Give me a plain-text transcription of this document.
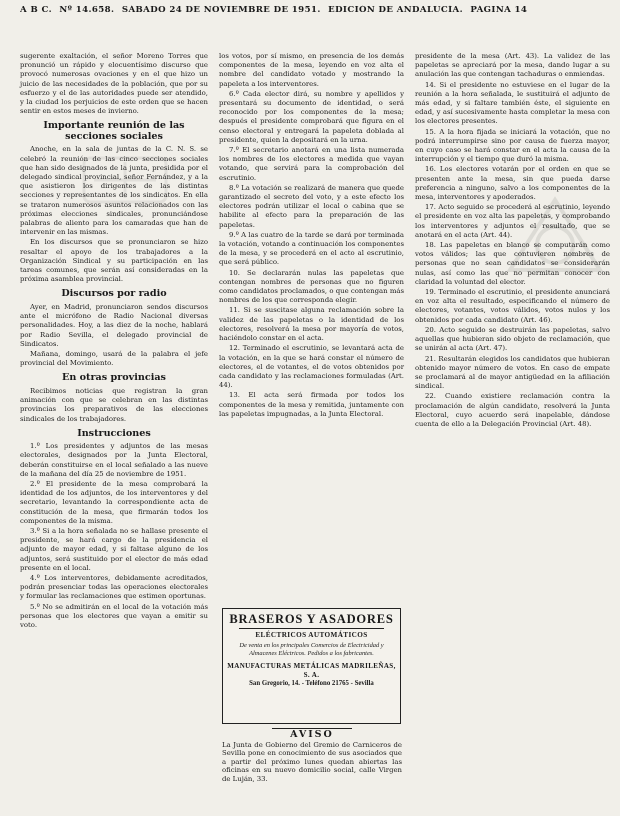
A B C. Nº 14.658. SÁBADO 24 DE NOVIEMBRE DE 1951. EDICIÓN DE ANDALUCÍA. PÁGINA 14

sugerente exaltación, el señor Moreno Torres que pronunció un rápido y elocuentísimo discurso que provocó numerosas ovaciones y en el que hizo un juicio de las necesidades de la población, que por su esfuerzo y el de las autoridades puede ser atendido, y la ciudad los perjuicios de este orden que se hacen sentir en estos meses de invierno.

Importante reunión de las secciones sociales

Anoche, en la sala de juntas de la C. N. S. se celebró la reunión de las cinco secciones sociales que han sido designados de la junta, presidida por el delegado sindical provincial, señor Fernández, y a la que asistieron los dirigentes de las distintas secciones y representantes de los sindicatos. En ella se trataron numerosos asuntos relacionados con las próximas elecciones sindicales, pronunciándose palabras de aliento para los camaradas que han de intervenir en las mismas.

En los discursos que se pronunciaron se hizo resaltar el apoyo de los trabajadores a la Organización Sindical y su participación en las tareas comunes, que serán así consideradas en la próxima asamblea provincial.

Discursos por radio

Ayer, en Madrid, pronunciaron sendos discursos ante el micrófono de Radio Nacional diversas personalidades. Hoy, a las diez de la noche, hablará por Radio Sevilla, el delegado provincial de Sindicatos.

Mañana, domingo, usará de la palabra el jefe provincial del Movimiento.

En otras provincias

Recibimos noticias que registran la gran animación con que se celebran en las distintas provincias los preparativos de las elecciones sindicales de los trabajadores.

Instrucciones

1.º Los presidentes y adjuntos de las mesas electorales, designados por la Junta Electoral, deberán constituirse en el local señalado a las nueve de la mañana del día 25 de noviembre de 1951.

2.º El presidente de la mesa comprobará la identidad de los adjuntos, de los interventores y del secretario, levantando la correspondiente acta de constitución de la mesa, que firmarán todos los componentes de la misma.

3.º Si a la hora señalada no se hallase presente el presidente, se hará cargo de la presidencia el adjunto de mayor edad, y si faltase alguno de los adjuntos, será sustituido por el elector de más edad presente en el local.

4.º Los interventores, debidamente acreditados, podrán presenciar todas las operaciones electorales y formular las reclamaciones que estimen oportunas.

5.º No se admitirán en el local de la votación más personas que los electores que vayan a emitir su voto.

los votos, por sí mismo, en presencia de los demás componentes de la mesa, leyendo en voz alta el nombre del candidato votado y mostrando la papeleta a los interventores.

6.º Cada elector dirá, su nombre y apellidos y presentará su documento de identidad, o será reconocido por los componentes de la mesa; después el presidente comprobará que figura en el censo electoral y entregará la papeleta doblada al presidente, quien la depositará en la urna.

7.º El secretario anotará en una lista numerada los nombres de los electores a medida que vayan votando, que servirá para la comprobación del escrutinio.

8.º La votación se realizará de manera que quede garantizado el secreto del voto, y a este efecto los electores podrán utilizar el local o cabina que se habilite al efecto para la preparación de las papeletas.

9.º A las cuatro de la tarde se dará por terminada la votación, votando a continuación los componentes de la mesa, y se procederá en el acto al escrutinio, que será público.

10. Se declararán nulas las papeletas que contengan nombres de personas que no figuren como candidatos proclamados, o que contengan más nombres de los que corresponda elegir.

11. Si se suscitase alguna reclamación sobre la validez de las papeletas o la identidad de los electores, resolverá la mesa por mayoría de votos, haciéndolo constar en el acta.

12. Terminado el escrutinio, se levantará acta de la votación, en la que se hará constar el número de electores, el de votantes, el de votos obtenidos por cada candidato y las reclamaciones formuladas (Art. 44).

13. El acta será firmada por todos los componentes de la mesa y remitida, juntamente con las papeletas impugnadas, a la Junta Electoral.

BRASEROS Y ASADORES
ELÉCTRICOS AUTOMÁTICOS
De venta en los principales Comercios de Electricidad y Almacenes Eléctricos. Pedidos a los fabricantes.
MANUFACTURAS METÁLICAS MADRILEÑAS, S. A.
San Gregorio, 14. - Teléfono 21765 - Sevilla
AVISO
La Junta de Gobierno del Gremio de Carniceros de Sevilla pone en conocimiento de sus asociados que a partir del próximo lunes quedan abiertas las oficinas en su nuevo domicilio social, calle Virgen de Luján, 33.

presidente de la mesa (Art. 43). La validez de las papeletas se apreciará por la mesa, dando lugar a su anulación las que contengan tachaduras o enmiendas.

14. Si el presidente no estuviese en el lugar de la reunión a la hora señalada, le sustituirá el adjunto de más edad, y si faltare también éste, el siguiente en edad, y así sucesivamente hasta completar la mesa con los electores presentes.

15. A la hora fijada se iniciará la votación, que no podrá interrumpirse sino por causa de fuerza mayor, en cuyo caso se hará constar en el acta la causa de la interrupción y el tiempo que duró la misma.

16. Los electores votarán por el orden en que se presenten ante la mesa, sin que pueda darse preferencia a ninguno, salvo a los componentes de la mesa, interventores y apoderados.

17. Acto seguido se procederá al escrutinio, leyendo el presidente en voz alta las papeletas, y comprobando los interventores y adjuntos el resultado, que se anotará en el acta (Art. 44).

18. Las papeletas en blanco se computarán como votos válidos; las que contuvieren nombres de personas que no sean candidatos se considerarán nulas, así como las que no permitan conocer con claridad la voluntad del elector.

19. Terminado el escrutinio, el presidente anunciará en voz alta el resultado, especificando el número de electores, votantes, votos válidos, votos nulos y los obtenidos por cada candidato (Art. 46).

20. Acto seguido se destruirán las papeletas, salvo aquellas que hubieran sido objeto de reclamación, que se unirán al acta (Art. 47).

21. Resultarán elegidos los candidatos que hubieran obtenido mayor número de votos. En caso de empate se proclamará al de mayor antigüedad en la afiliación sindical.

22. Cuando existiere reclamación contra la proclamación de algún candidato, resolverá la Junta Electoral, cuyo acuerdo será inapelable, dándose cuenta de ello a la Delegación Provincial (Art. 48).
